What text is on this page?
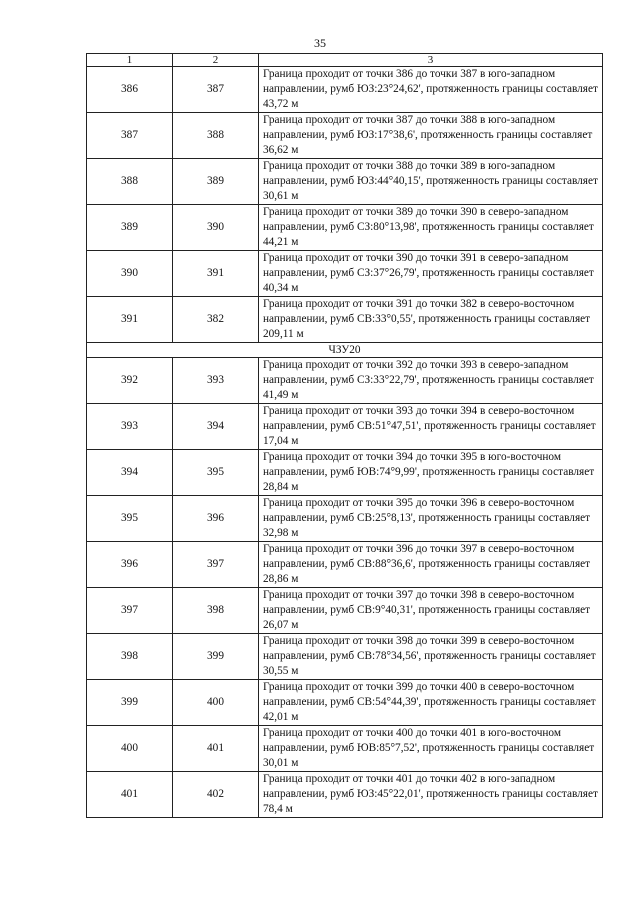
35
1	2	3
386	387	Граница проходит от точки 386 до точки 387 в юго-западном направлении, румб ЮЗ:23°24,62', протяженность границы составляет 43,72 м
387	388	Граница проходит от точки 387 до точки 388 в юго-западном направлении, румб ЮЗ:17°38,6', протяженность границы составляет 36,62 м
388	389	Граница проходит от точки 388 до точки 389 в юго-западном направлении, румб ЮЗ:44°40,15', протяженность границы составляет 30,61 м
389	390	Граница проходит от точки 389 до точки 390 в северо-западном направлении, румб СЗ:80°13,98', протяженность границы составляет 44,21 м
390	391	Граница проходит от точки 390 до точки 391 в северо-западном направлении, румб СЗ:37°26,79', протяженность границы составляет 40,34 м
391	382	Граница проходит от точки 391 до точки 382 в северо-восточном направлении, румб СВ:33°0,55', протяженность границы составляет 209,11 м
ЧЗУ20		
392	393	Граница проходит от точки 392 до точки 393 в северо-западном направлении, румб СЗ:33°22,79', протяженность границы составляет 41,49 м
393	394	Граница проходит от точки 393 до точки 394 в северо-восточном направлении, румб СВ:51°47,51', протяженность границы составляет 17,04 м
394	395	Граница проходит от точки 394 до точки 395 в юго-восточном направлении, румб ЮВ:74°9,99', протяженность границы составляет 28,84 м
395	396	Граница проходит от точки 395 до точки 396 в северо-восточном направлении, румб СВ:25°8,13', протяженность границы составляет 32,98 м
396	397	Граница проходит от точки 396 до точки 397 в северо-восточном направлении, румб СВ:88°36,6', протяженность границы составляет 28,86 м
397	398	Граница проходит от точки 397 до точки 398 в северо-восточном направлении, румб СВ:9°40,31', протяженность границы составляет 26,07 м
398	399	Граница проходит от точки 398 до точки 399 в северо-восточном направлении, румб СВ:78°34,56', протяженность границы составляет 30,55 м
399	400	Граница проходит от точки 399 до точки 400 в северо-восточном направлении, румб СВ:54°44,39', протяженность границы составляет 42,01 м
400	401	Граница проходит от точки 400 до точки 401 в юго-восточном направлении, румб ЮВ:85°7,52', протяженность границы составляет 30,01 м
401	402	Граница проходит от точки 401 до точки 402 в юго-западном направлении, румб ЮЗ:45°22,01', протяженность границы составляет 78,4 м
